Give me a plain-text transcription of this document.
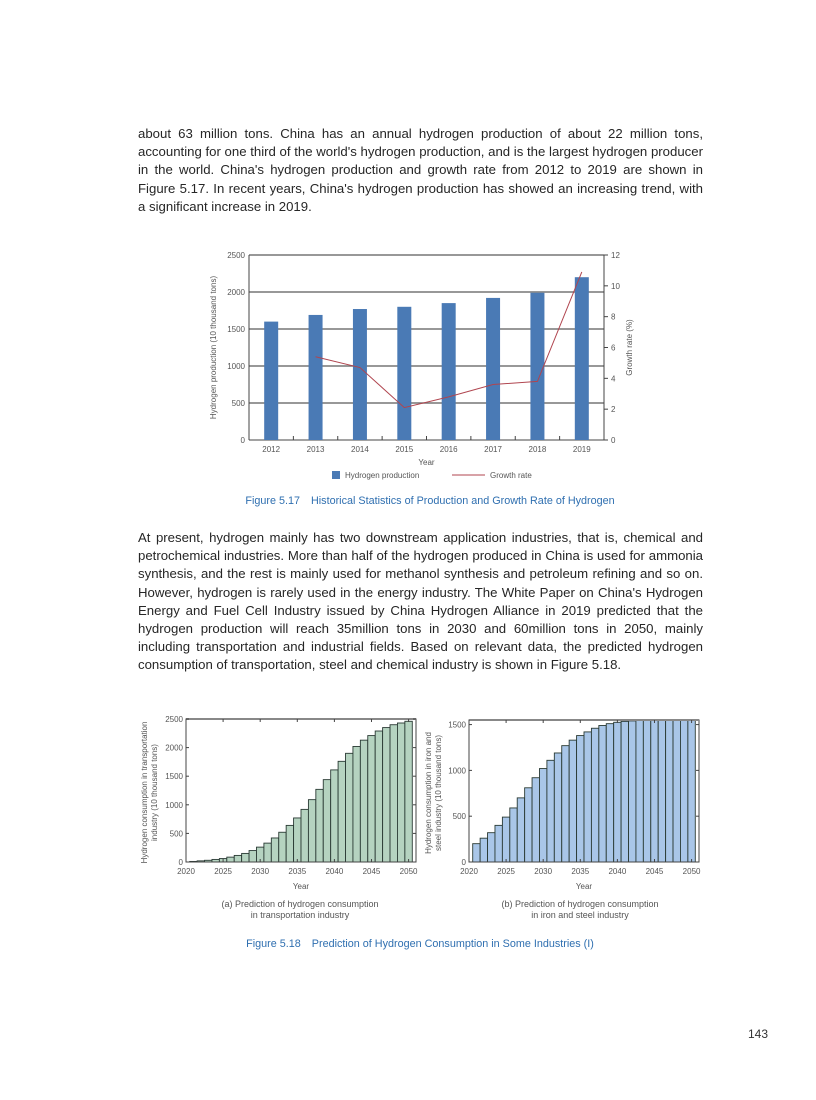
about 63 million tons. China has an annual hydrogen production of about 22 million tons, accounting for one third of the world's hydrogen production, and is the largest hydrogen producer in the world. China's hydrogen production and growth rate from 2012 to 2019 are shown in Figure 5.17. In recent years, China's hydrogen production has showed an increasing trend, with a significant increase in 2019.

0
500
1000
1500
2000
2500
2012	2013	2014	2015	2016	2017	2018	2019
0
2
4
6
8
10
12
Year
Hydrogen production (10 thousand tons)	Growth rate (%)
Hydrogen production	Growth rate
Figure 5.17 Historical Statistics of Production and Growth Rate of Hydrogen

At present, hydrogen mainly has two downstream application industries, that is, chemical and petrochemical industries. More than half of the hydrogen produced in China is used for ammonia synthesis, and the rest is mainly used for methanol synthesis and petroleum refining and so on. However, hydrogen is rarely used in the energy industry. The White Paper on China's Hydrogen Energy and Fuel Cell Industry issued by China Hydrogen Alliance in 2019 predicted that the hydrogen production will reach 35million tons in 2030 and 60million tons in 2050, mainly including transportation and industrial fields. Based on relevant data, the predicted hydrogen consumption of transportation, steel and chemical industry is shown in Figure 5.18.

0
500
1000
1500
2000
2500
2020 2025 2030 2035 2040 2045 2050
Year
Hydrogen consumption in transportation industry (10 thousand tons)
0
500
1000
1500
2020 2025 2030 2035 2040 2045 2050
Year
Hydrogen consumption in iron and steel industry (10 thousand tons)
(a) Prediction of hydrogen consumption
in transportation industry
(b) Prediction of hydrogen consumption
in iron and steel industry
Figure 5.18 Prediction of Hydrogen Consumption in Some Industries (I)
143
